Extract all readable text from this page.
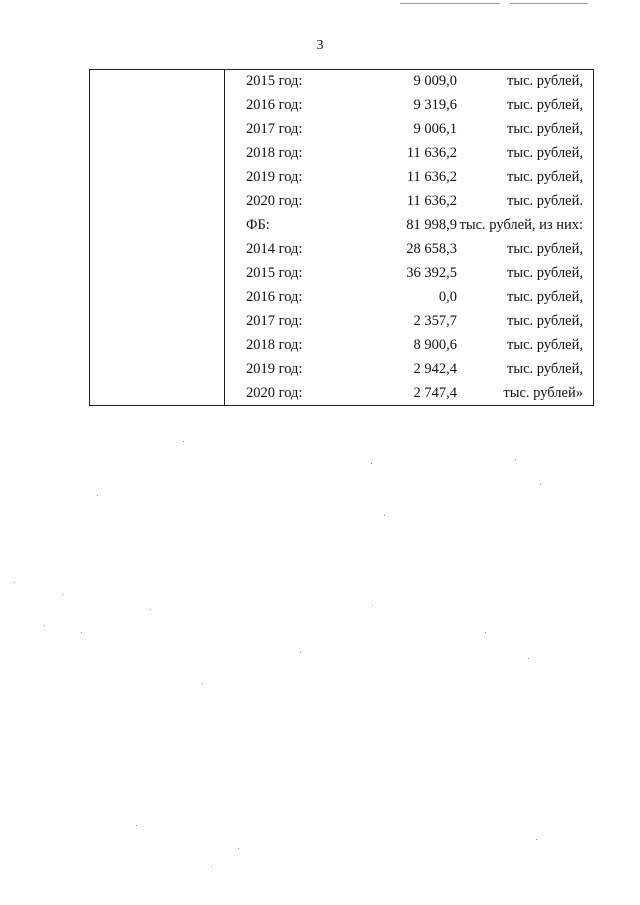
3
2015 год:	9 009,0	тыс. рублей,
2016 год:	9 319,6	тыс. рублей,
2017 год:	9 006,1	тыс. рублей,
2018 год:	11 636,2	тыс. рублей,
2019 год:	11 636,2	тыс. рублей,
2020 год:	11 636,2	тыс. рублей.
ФБ:	81 998,9 тыс. рублей, из них:
2014 год:	28 658,3	тыс. рублей,
2015 год:	36 392,5	тыс. рублей,
2016 год:	0,0	тыс. рублей,
2017 год:	2 357,7	тыс. рублей,
2018 год:	8 900,6	тыс. рублей,
2019 год:	2 942,4	тыс. рублей,
2020 год:	2 747,4	тыс. рублей»
